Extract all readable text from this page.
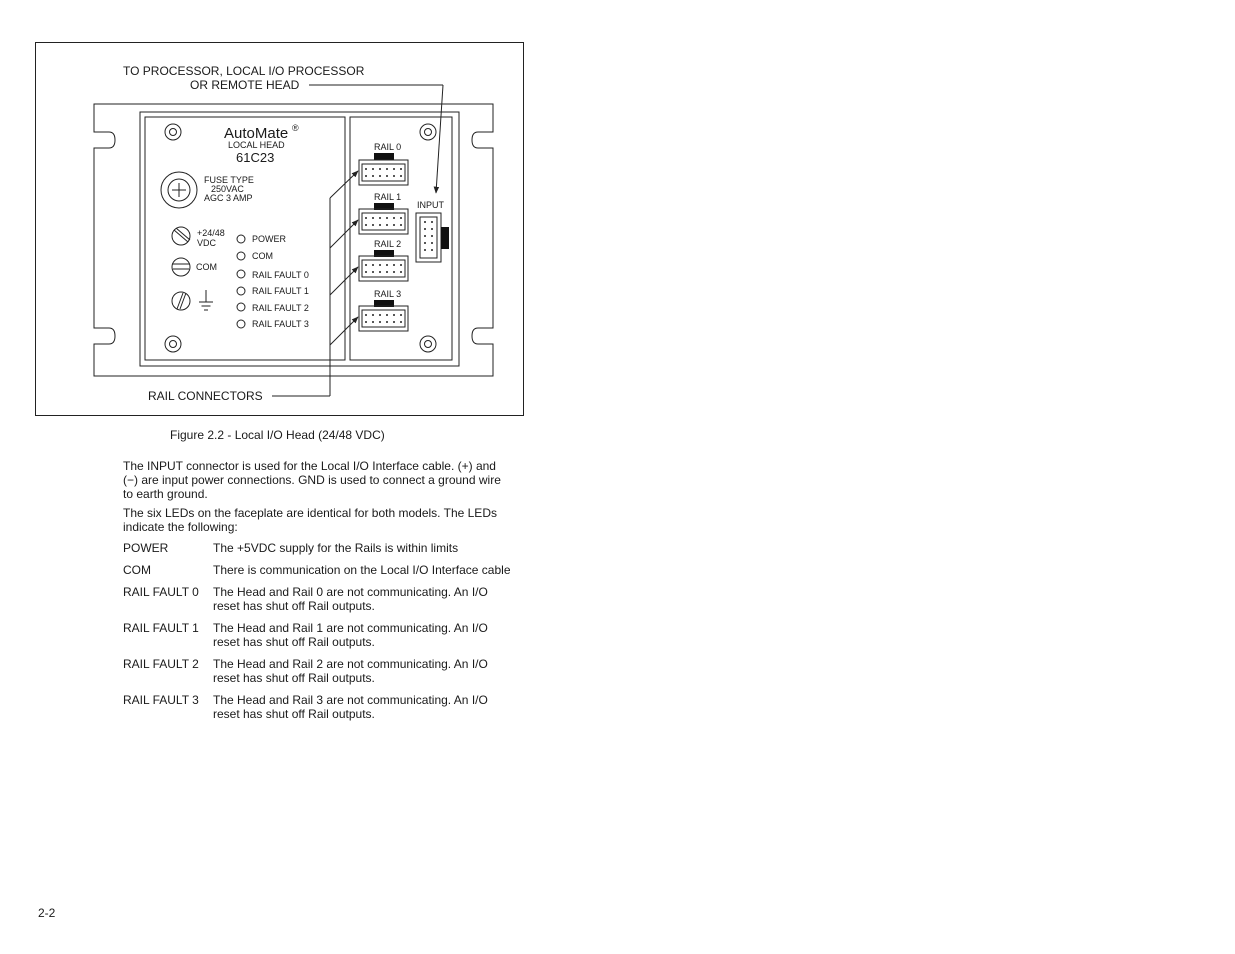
TO PROCESSOR, LOCAL I/O PROCESSOR
OR REMOTE HEAD
AutoMate ®
LOCAL HEAD
61C23
FUSE TYPE
250VAC
AGC 3 AMP
+24/48
VDC
COM
POWER
COM
RAIL FAULT 0
RAIL FAULT 1
RAIL FAULT 2
RAIL FAULT 3
RAIL 0
RAIL 1
RAIL 2
RAIL 3
INPUT
RAIL CONNECTORS
Figure 2.2 - Local I/O Head (24/48 VDC)

The INPUT connector is used for the Local I/O Interface cable. (+) and (−) are input power connections. GND is used to connect a ground wire to earth ground.

The six LEDs on the faceplate are identical for both models. The LEDs indicate the following:

POWER	The +5VDC supply for the Rails is within limits
COM	There is communication on the Local I/O Interface cable
RAIL FAULT 0	The Head and Rail 0 are not communicating. An I/O reset has shut off Rail outputs.
RAIL FAULT 1	The Head and Rail 1 are not communicating. An I/O reset has shut off Rail outputs.
RAIL FAULT 2	The Head and Rail 2 are not communicating. An I/O reset has shut off Rail outputs.
RAIL FAULT 3	The Head and Rail 3 are not communicating. An I/O reset has shut off Rail outputs.
2-2
